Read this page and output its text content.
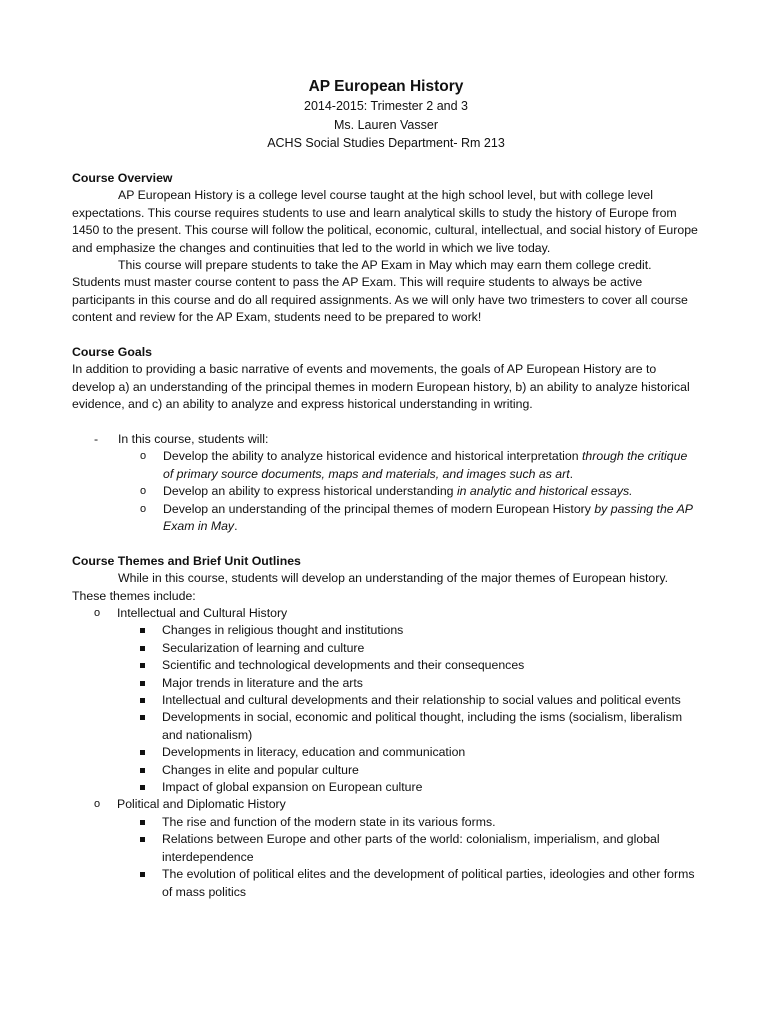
AP European History
2014-2015: Trimester 2 and 3
Ms. Lauren Vasser
ACHS Social Studies Department- Rm 213
Course Overview

AP European History is a college level course taught at the high school level, but with college level expectations. This course requires students to use and learn analytical skills to study the history of Europe from 1450 to the present. This course will follow the political, economic, cultural, intellectual, and social history of Europe and emphasize the changes and continuities that led to the world in which we live today.

This course will prepare students to take the AP Exam in May which may earn them college credit. Students must master course content to pass the AP Exam. This will require students to always be active participants in this course and do all required assignments. As we will only have two trimesters to cover all course content and review for the AP Exam, students need to be prepared to work!

Course Goals

In addition to providing a basic narrative of events and movements, the goals of AP European History are to develop a) an understanding of the principal themes in modern European history, b) an ability to analyze historical evidence, and c) an ability to analyze and express historical understanding in writing.

- In this course, students will:
o Develop the ability to analyze historical evidence and historical interpretation through the critique of primary source documents, maps and materials, and images such as art.
o Develop an ability to express historical understanding in analytic and historical essays.
o Develop an understanding of the principal themes of modern European History by passing the AP Exam in May.
Course Themes and Brief Unit Outlines

While in this course, students will develop an understanding of the major themes of European history. These themes include:

o Intellectual and Cultural History
Changes in religious thought and institutions
Secularization of learning and culture
Scientific and technological developments and their consequences
Major trends in literature and the arts
Intellectual and cultural developments and their relationship to social values and political events
Developments in social, economic and political thought, including the isms (socialism, liberalism and nationalism)
Developments in literacy, education and communication
Changes in elite and popular culture
Impact of global expansion on European culture
o Political and Diplomatic History
The rise and function of the modern state in its various forms.
Relations between Europe and other parts of the world: colonialism, imperialism, and global interdependence
The evolution of political elites and the development of political parties, ideologies and other forms of mass politics
